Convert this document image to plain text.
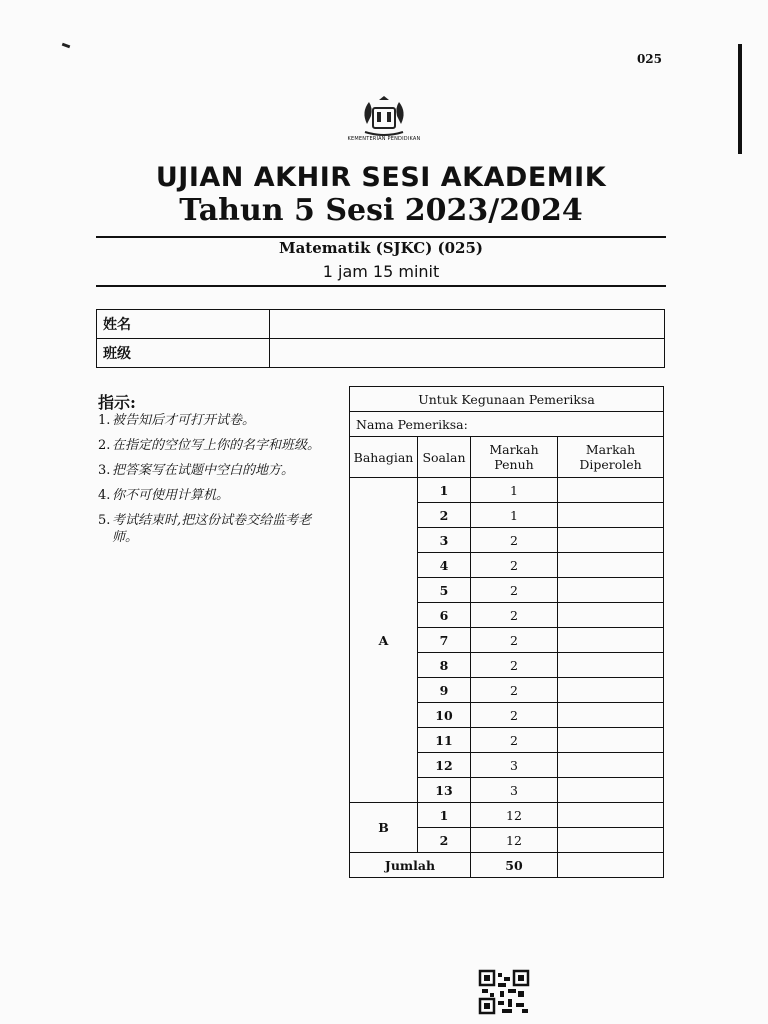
025
KEMENTERIAN PENDIDIKAN
UJIAN AKHIR SESI AKADEMIK
Tahun 5 Sesi 2023/2024
Matematik (SJKC) (025)
1 jam 15 minit
姓名	
班级	
指示:
1. 被告知后才可打开试卷。
2. 在指定的空位写上你的名字和班级。
3. 把答案写在试题中空白的地方。
4. 你不可使用计算机。
5. 考试结束时,把这份试卷交给监考老师。
Untuk Kegunaan Pemeriksa			
Nama Pemeriksa:			
Bahagian	Soalan	Markah Penuh	Markah Diperoleh
A	1	1	
	2	1	
	3	2	
	4	2	
	5	2	
	6	2	
	7	2	
	8	2	
	9	2	
	10	2	
	11	2	
	12	3	
	13	3	
B	1	12	
	2	12	
Jumlah		50	
